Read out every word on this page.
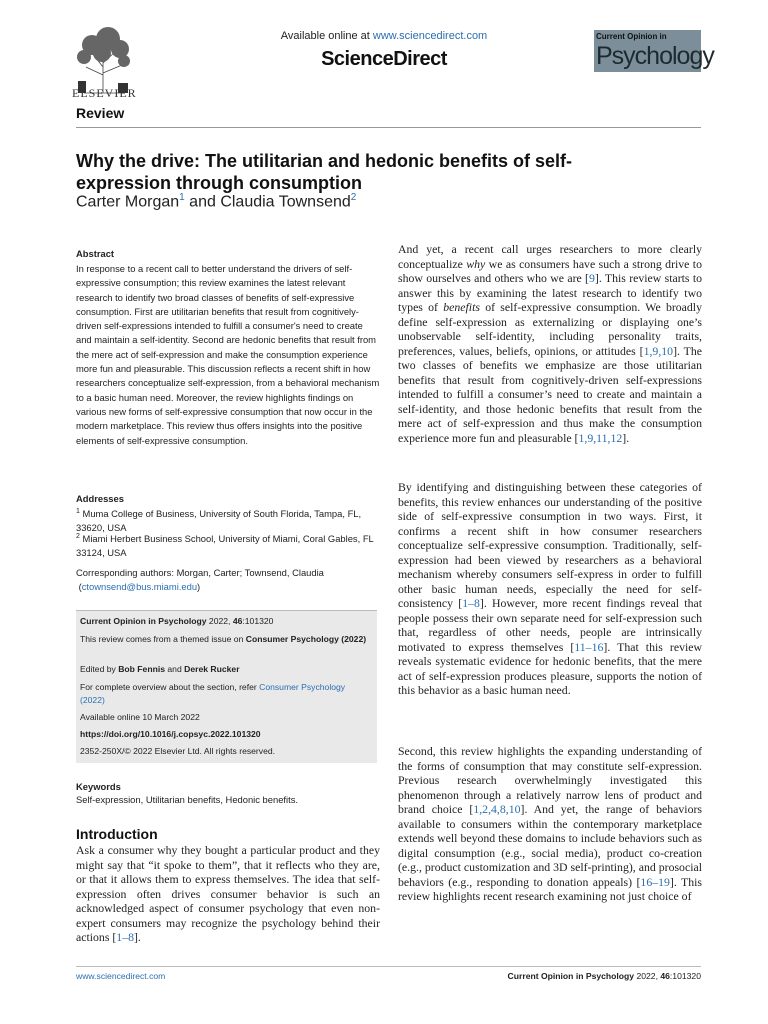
ELSEVIER
Available online at www.sciencedirect.com
ScienceDirect
Current Opinion in
Psychology
Review
Why the drive: The utilitarian and hedonic benefits of self-expression through consumption
Carter Morgan$^1$ and Claudia Townsend$^2$
Abstract
In response to a recent call to better understand the drivers of self-expressive consumption; this review examines the latest relevant research to identify two broad classes of benefits of self-expressive consumption. First are utilitarian benefits that result from cognitively-driven self-expressions intended to fulfill a consumer's need to create and maintain a self-identity. Second are hedonic benefits that result from the mere act of self-expression and make the consumption experience more fun and pleasurable. This discussion reflects a recent shift in how researchers conceptualize self-expression, from a behavioral mechanism to a basic human need. Moreover, the review highlights findings on various new forms of self-expressive consumption that now occur in the modern marketplace. This review thus offers insights into the positive elements of self-expressive consumption.
Addresses
$^1$ Muma College of Business, University of South Florida, Tampa, FL, 33620, USA
$^2$ Miami Herbert Business School, University of Miami, Coral Gables, FL 33124, USA
Corresponding authors: Morgan, Carter; Townsend, Claudia
(ctownsend@bus.miami.edu)
Current Opinion in Psychology 2022, 46:101320
This review comes from a themed issue on Consumer Psychology (2022)
Edited by Bob Fennis and Derek Rucker
For complete overview about the section, refer Consumer Psychology (2022)
Available online 10 March 2022
https://doi.org/10.1016/j.copsyc.2022.101320
2352-250X/© 2022 Elsevier Ltd. All rights reserved.
Keywords
Self-expression, Utilitarian benefits, Hedonic benefits.
Introduction
Ask a consumer why they bought a particular product and they might say that “it spoke to them”, that it reflects who they are, or that it allows them to express themselves. The idea that self-expression often drives consumer behavior is such an acknowledged aspect of consumer psychology that even non-expert consumers may recognize the psychology behind their actions [1–8].
And yet, a recent call urges researchers to more clearly conceptualize why we as consumers have such a strong drive to show ourselves and others who we are [9]. This review starts to answer this by examining the latest research to identify two types of benefits of self-expressive consumption. We broadly define self-expression as externalizing or displaying one’s unobservable self-identity, including personality traits, preferences, values, beliefs, opinions, or attitudes [1,9,10]. The two classes of benefits we emphasize are those utilitarian benefits that result from cognitively-driven self-expressions intended to fulfill a consumer’s need to create and maintain a self-identity, and those hedonic benefits that result from the mere act of self-expression and thus make the consumption experience more fun and pleasurable [1,9,11,12].
By identifying and distinguishing between these categories of benefits, this review enhances our understanding of the positive side of self-expressive consumption in two ways. First, it confirms a recent shift in how consumer researchers conceptualize self-expressive consumption. Traditionally, self-expression had been viewed by researchers as a behavioral mechanism whereby consumers self-express in order to fulfill other basic human needs, especially the need for self-consistency [1–8]. However, more recent findings reveal that people possess their own separate need for self-expression such that, regardless of other needs, people are intrinsically motivated to express themselves [11–16]. That this review reveals systematic evidence for hedonic benefits, that the mere act of self-expression produces pleasure, supports the notion of this behavior as a basic human need.
Second, this review highlights the expanding understanding of the forms of consumption that may constitute self-expression. Previous research overwhelmingly investigated this phenomenon through a relatively narrow lens of product and brand choice [1,2,4,8,10]. And yet, the range of behaviors available to consumers within the contemporary marketplace extends well beyond these domains to include behaviors such as digital consumption (e.g., social media), product co-creation (e.g., product customization and 3D self-printing), and prosocial behaviors (e.g., responding to donation appeals) [16–19]. This review highlights recent research examining not just choice of
www.sciencedirect.com	Current Opinion in Psychology 2022, 46:101320
